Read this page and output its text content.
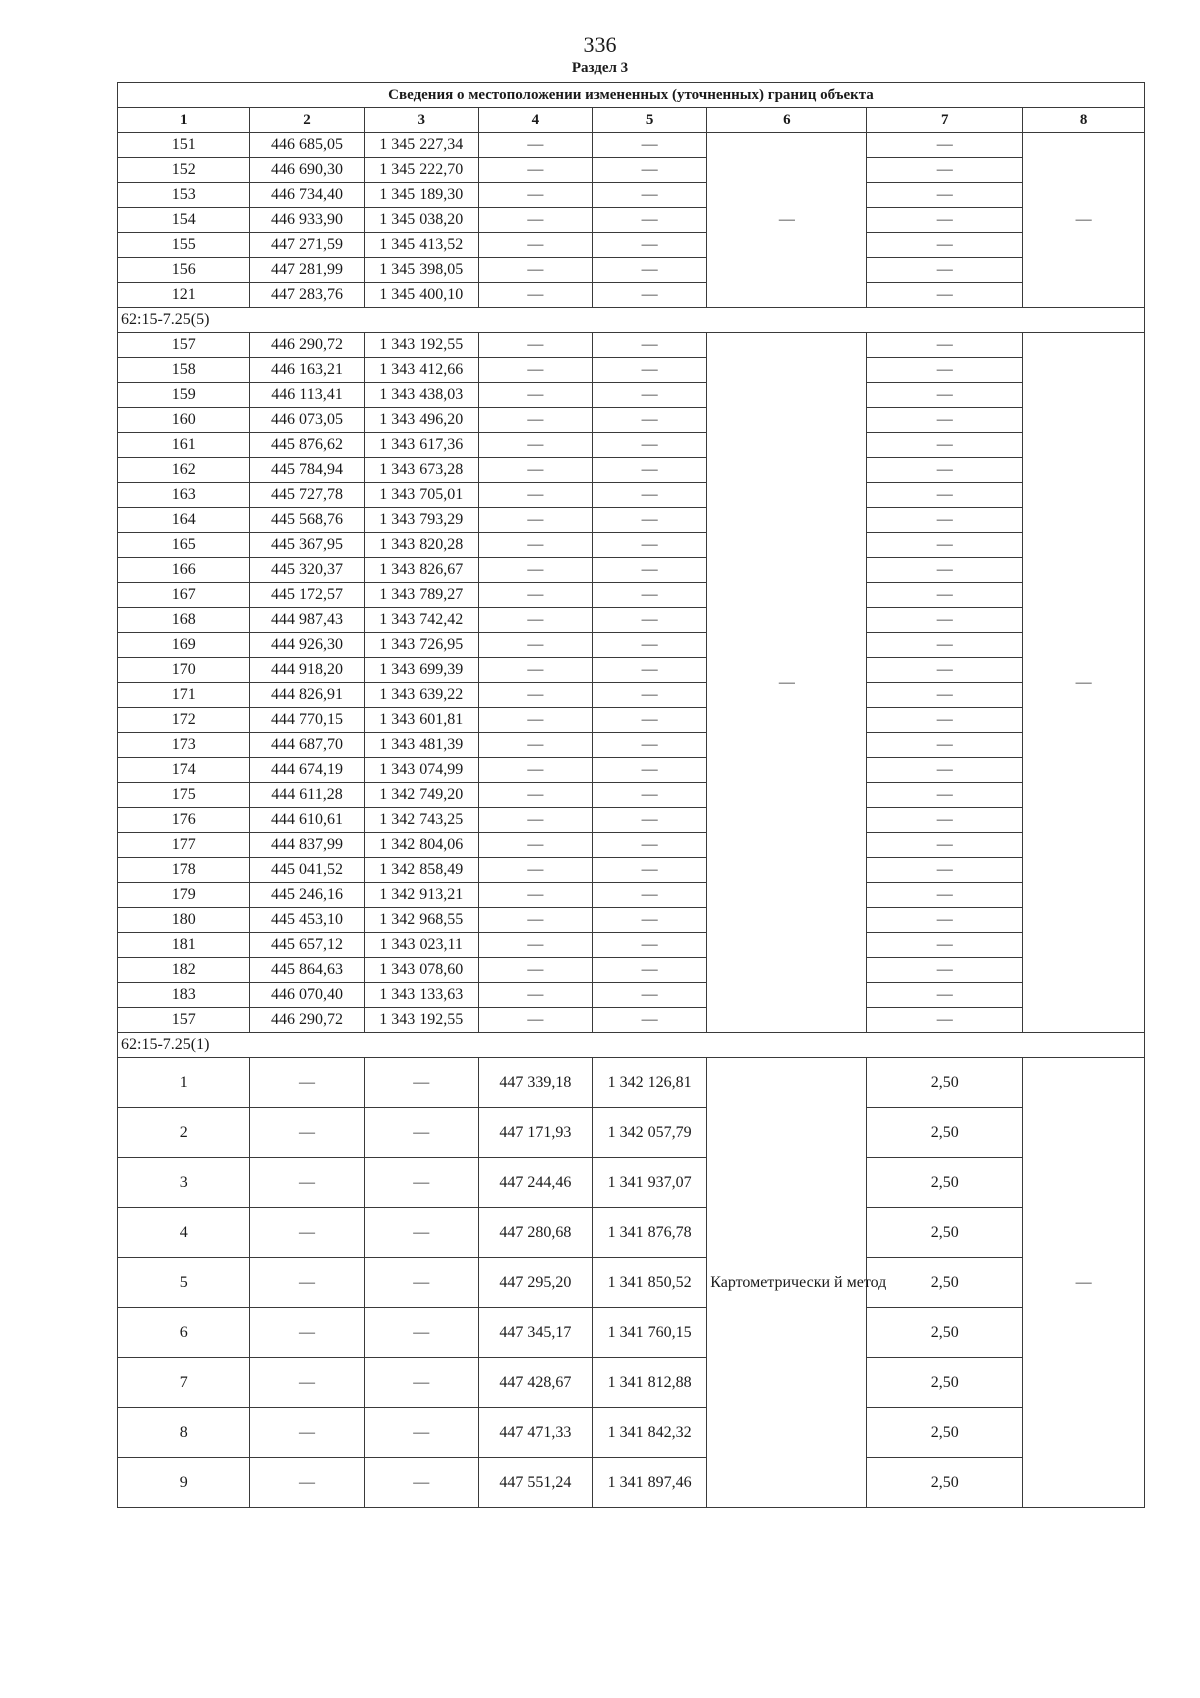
336
Раздел 3
Сведения о местоположении измененных (уточненных) границ объекта							
1	2	3	4	5	6	7	8
151	446 685,05	1 345 227,34	—	—	—	—	—
152	446 690,30	1 345 222,70	—	—		—	
153	446 734,40	1 345 189,30	—	—		—	
154	446 933,90	1 345 038,20	—	—		—	
155	447 271,59	1 345 413,52	—	—		—	
156	447 281,99	1 345 398,05	—	—		—	
121	447 283,76	1 345 400,10	—	—		—	
62:15-7.25(5)							
157	446 290,72	1 343 192,55	—	—	—	—	—
158	446 163,21	1 343 412,66	—	—		—	
159	446 113,41	1 343 438,03	—	—		—	
160	446 073,05	1 343 496,20	—	—		—	
161	445 876,62	1 343 617,36	—	—		—	
162	445 784,94	1 343 673,28	—	—		—	
163	445 727,78	1 343 705,01	—	—		—	
164	445 568,76	1 343 793,29	—	—		—	
165	445 367,95	1 343 820,28	—	—		—	
166	445 320,37	1 343 826,67	—	—		—	
167	445 172,57	1 343 789,27	—	—		—	
168	444 987,43	1 343 742,42	—	—		—	
169	444 926,30	1 343 726,95	—	—		—	
170	444 918,20	1 343 699,39	—	—		—	
171	444 826,91	1 343 639,22	—	—		—	
172	444 770,15	1 343 601,81	—	—		—	
173	444 687,70	1 343 481,39	—	—		—	
174	444 674,19	1 343 074,99	—	—		—	
175	444 611,28	1 342 749,20	—	—		—	
176	444 610,61	1 342 743,25	—	—		—	
177	444 837,99	1 342 804,06	—	—		—	
178	445 041,52	1 342 858,49	—	—		—	
179	445 246,16	1 342 913,21	—	—		—	
180	445 453,10	1 342 968,55	—	—		—	
181	445 657,12	1 343 023,11	—	—		—	
182	445 864,63	1 343 078,60	—	—		—	
183	446 070,40	1 343 133,63	—	—		—	
157	446 290,72	1 343 192,55	—	—		—	
62:15-7.25(1)							
1	—	—	447 339,18	1 342 126,81	Картометрически й метод	2,50	—
2	—	—	447 171,93	1 342 057,79		2,50	
3	—	—	447 244,46	1 341 937,07		2,50	
4	—	—	447 280,68	1 341 876,78		2,50	
5	—	—	447 295,20	1 341 850,52		2,50	
6	—	—	447 345,17	1 341 760,15		2,50	
7	—	—	447 428,67	1 341 812,88		2,50	
8	—	—	447 471,33	1 341 842,32		2,50	
9	—	—	447 551,24	1 341 897,46		2,50	
